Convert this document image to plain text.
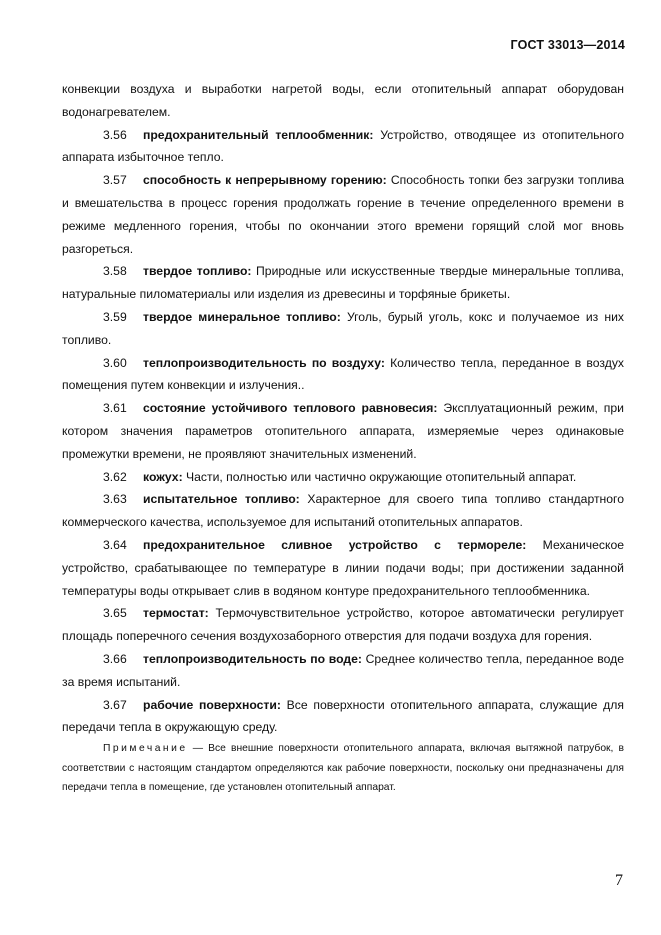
ГОСТ 33013—2014

конвекции воздуха и выработки нагретой воды, если отопительный аппарат оборудован водонагревателем.

3.56 предохранительный теплообменник: Устройство, отводящее из отопительного аппарата избыточное тепло.

3.57 способность к непрерывному горению: Способность топки без загрузки топлива и вмешательства в процесс горения продолжать горение в течение определенного времени в режиме медленного горения, чтобы по окончании этого времени горящий слой мог вновь разгореться.

3.58 твердое топливо: Природные или искусственные твердые минеральные топлива, натуральные пиломатериалы или изделия из древесины и торфяные брикеты.

3.59 твердое минеральное топливо: Уголь, бурый уголь, кокс и получаемое из них топливо.

3.60 теплопроизводительность по воздуху: Количество тепла, переданное в воздух помещения путем конвекции и излучения..

3.61 состояние устойчивого теплового равновесия: Эксплуатационный режим, при котором значения параметров отопительного аппарата, измеряемые через одинаковые промежутки времени, не проявляют значительных изменений.

3.62 кожух: Части, полностью или частично окружающие отопительный аппарат.

3.63 испытательное топливо: Характерное для своего типа топливо стандартного коммерческого качества, используемое для испытаний отопительных аппаратов.

3.64 предохранительное сливное устройство с термореле: Механическое устройство, срабатывающее по температуре в линии подачи воды; при достижении заданной температуры воды открывает слив в водяном контуре предохранительного теплообменника.

3.65 термостат: Термочувствительное устройство, которое автоматически регулирует площадь поперечного сечения воздухозаборного отверстия для подачи воздуха для горения.

3.66 теплопроизводительность по воде: Среднее количество тепла, переданное воде за время испытаний.

3.67 рабочие поверхности: Все поверхности отопительного аппарата, служащие для передачи тепла в окружающую среду.

Примечание — Все внешние поверхности отопительного аппарата, включая вытяжной патрубок, в соответствии с настоящим стандартом определяются как рабочие поверхности, поскольку они предназначены для передачи тепла в помещение, где установлен отопительный аппарат.

7
